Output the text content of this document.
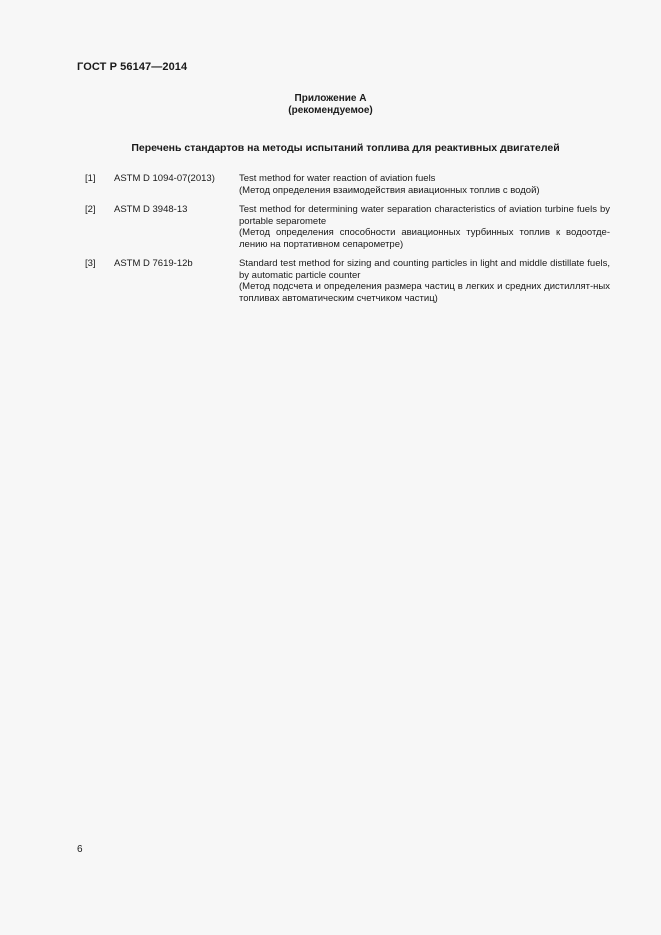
ГОСТ Р 56147—2014
Приложение А
(рекомендуемое)
Перечень стандартов на методы испытаний топлива для реактивных двигателей
[1] ASTM D 1094-07(2013)	Test method for water reaction of aviation fuels
(Метод определения взаимодействия авиационных топлив с водой)
[2] ASTM D 3948-13	Test method for determining water separation characteristics of aviation turbine fuels by portable separomete
(Метод определения способности авиационных турбинных топлив к водоотде-лению на портативном сепарометре)
[3] ASTM D 7619-12b	Standard test method for sizing and counting particles in light and middle distillate fuels, by automatic particle counter
(Метод подсчета и определения размера частиц в легких и средних дистиллят-ных топливах автоматическим счетчиком частиц)
6
